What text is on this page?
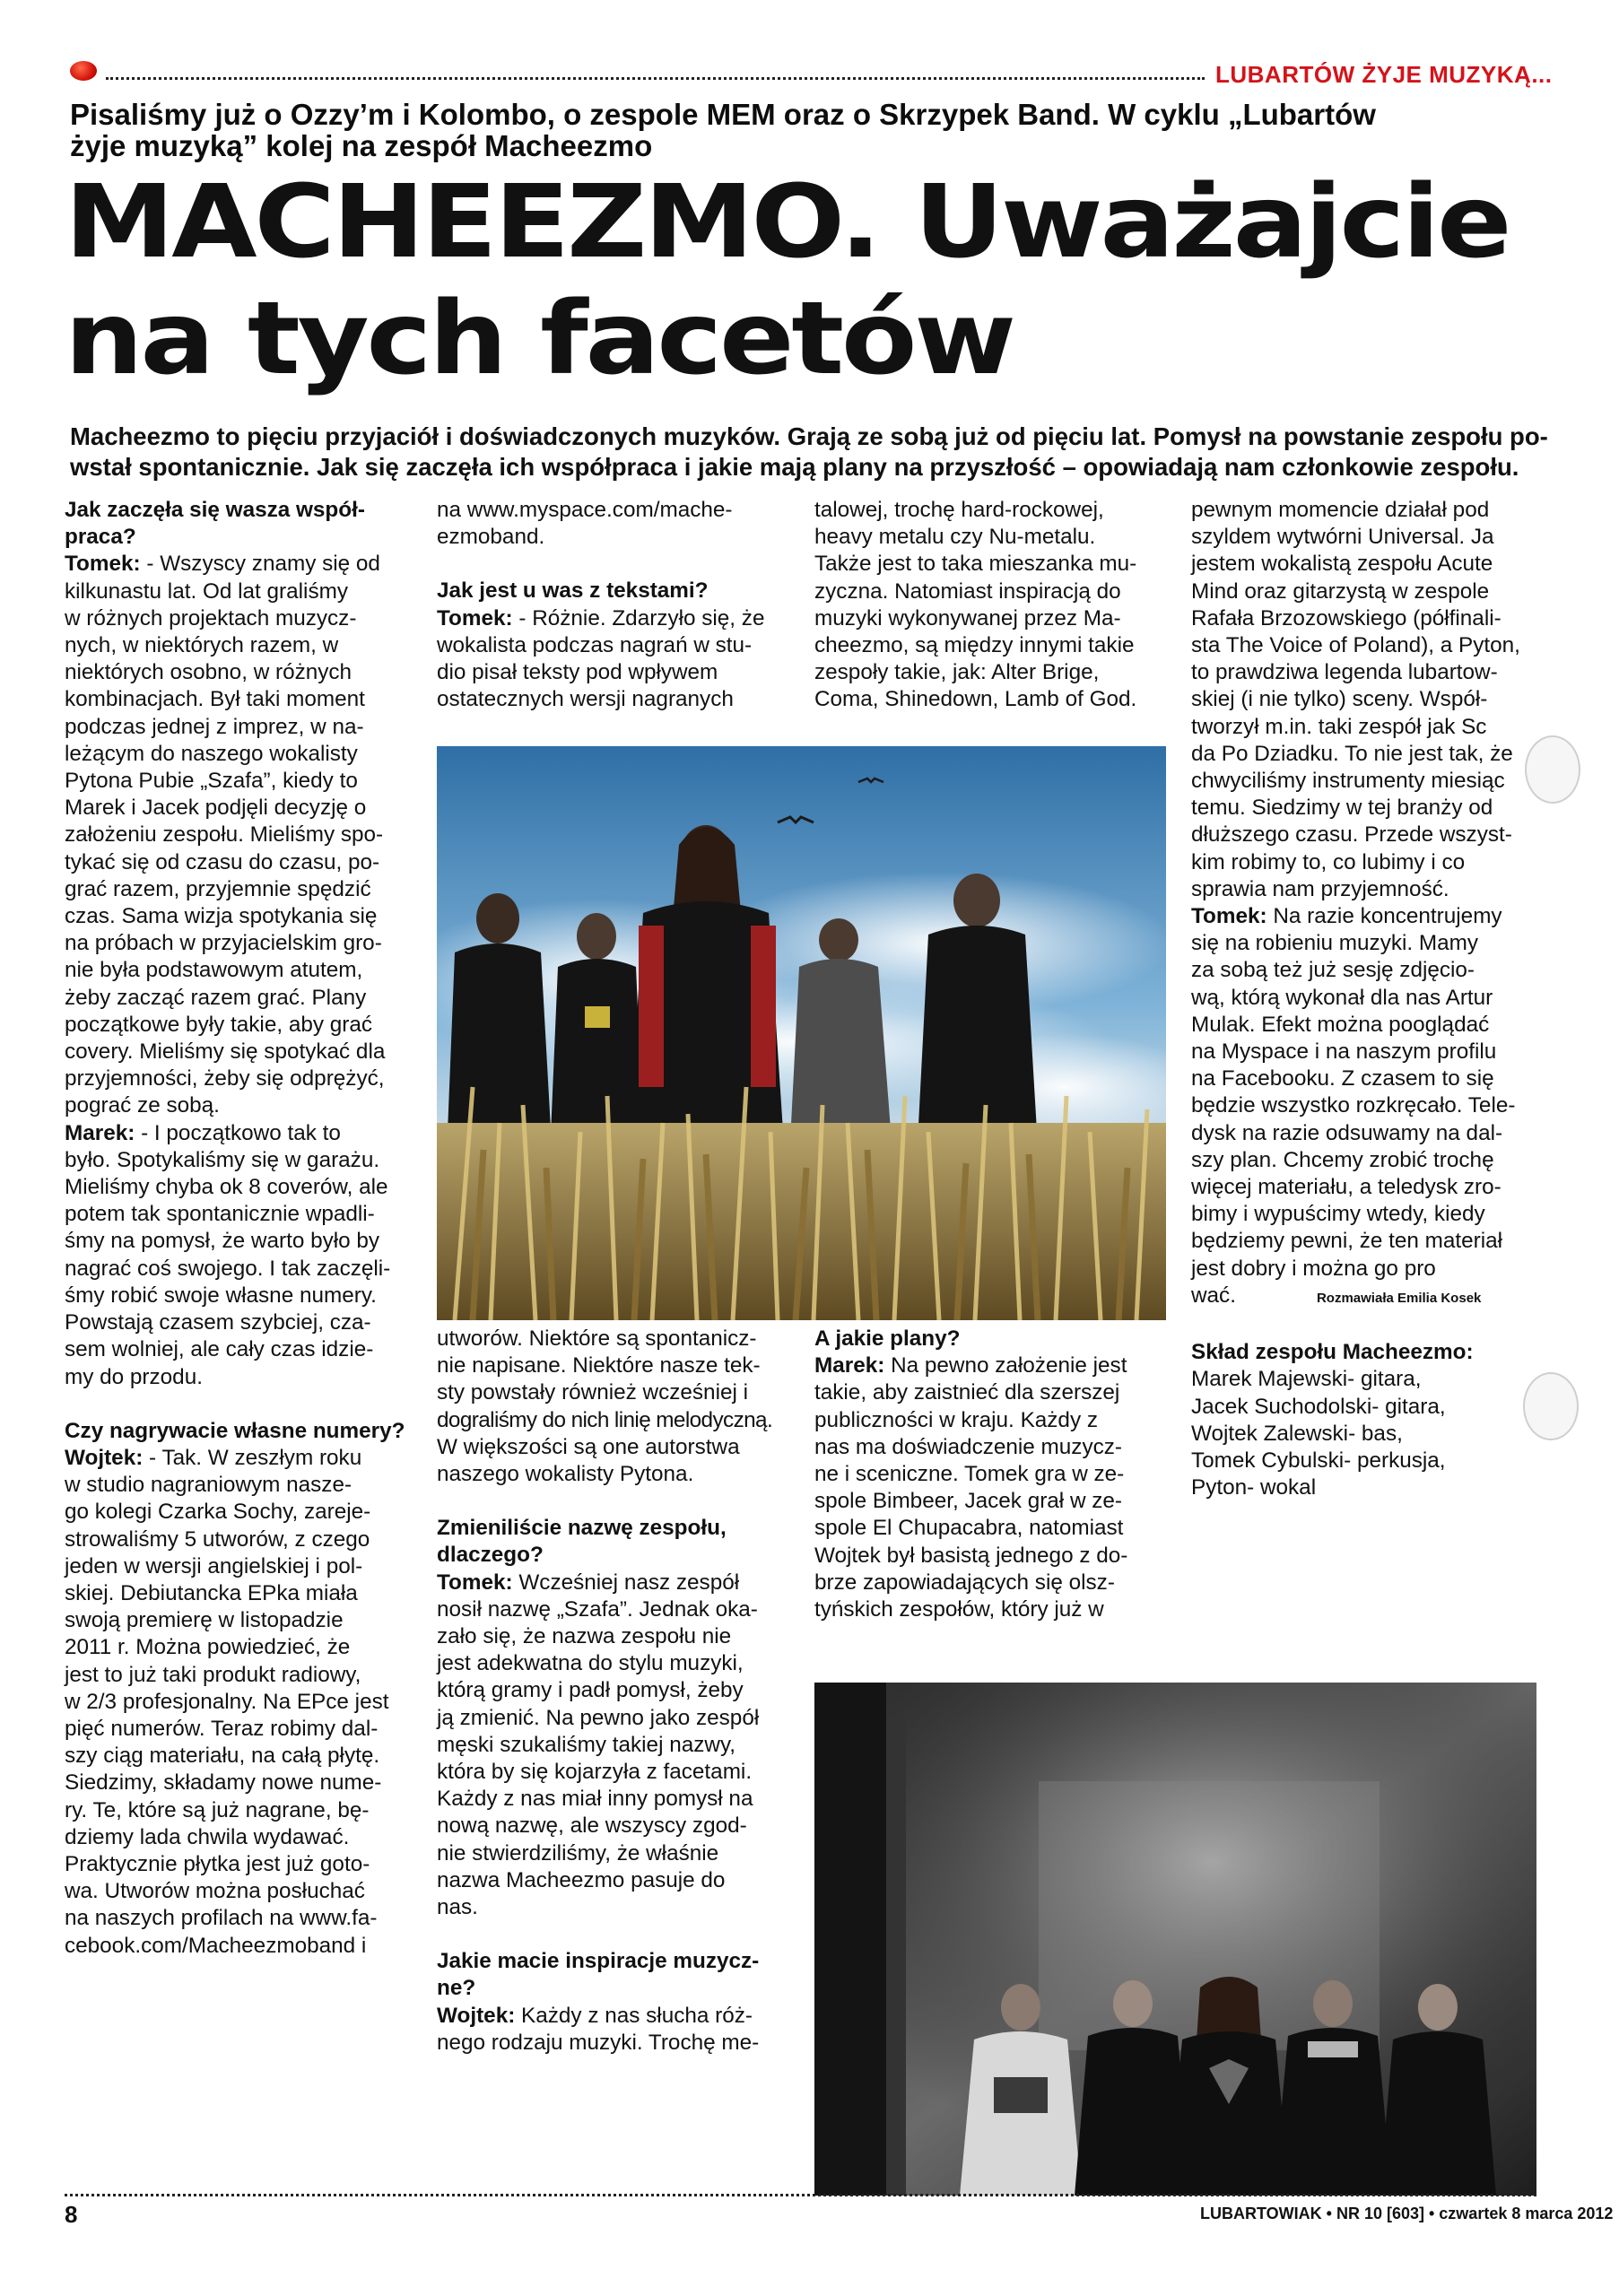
LUBARTÓW ŻYJE MUZYKĄ...
Pisaliśmy już o Ozzy’m i Kolombo, o zespole MEM oraz o Skrzypek Band. W cyklu „Lubartów
żyje muzyką” kolej na zespół Macheezmo
MACHEEZMO. Uważajcie
na tych facetów
Macheezmo to pięciu przyjaciół i doświadczonych muzyków. Grają ze sobą już od pięciu lat. Pomysł na powstanie zespołu po-
wstał spontanicznie. Jak się zaczęła ich współpraca i jakie mają plany na przyszłość – opowiadają nam członkowie zespołu.

Jak zaczęła się wasza współ-

praca?

Tomek: - Wszyscy znamy się od

kilkunastu lat. Od lat graliśmy

w różnych projektach muzycz-

nych, w niektórych razem, w

niektórych osobno, w różnych

kombinacjach. Był taki moment

podczas jednej z imprez, w na-

leżącym do naszego wokalisty

Pytona Pubie „Szafa”, kiedy to

Marek i Jacek podjęli decyzję o

założeniu zespołu. Mieliśmy spo-

tykać się od czasu do czasu, po-

grać razem, przyjemnie spędzić

czas. Sama wizja spotykania się

na próbach w przyjacielskim gro-

nie była podstawowym atutem,

żeby zacząć razem grać. Plany

początkowe były takie, aby grać

covery. Mieliśmy się spotykać dla

przyjemności, żeby się odprężyć,

pograć ze sobą.

Marek: - I początkowo tak to

było. Spotykaliśmy się w garażu.

Mieliśmy chyba ok 8 coverów, ale

potem tak spontanicznie wpadli-

śmy na pomysł, że warto było by

nagrać coś swojego. I tak zaczęli-

śmy robić swoje własne numery.

Powstają czasem szybciej, cza-

sem wolniej, ale cały czas idzie-

my do przodu.

Czy nagrywacie własne numery?

Wojtek: - Tak. W zeszłym roku

w studio nagraniowym nasze-

go kolegi Czarka Sochy, zareje-

strowaliśmy 5 utworów, z czego

jeden w wersji angielskiej i pol-

skiej. Debiutancka EPka miała

swoją premierę w listopadzie

2011 r. Można powiedzieć, że

jest to już taki produkt radiowy,

w 2/3 profesjonalny. Na EPce jest

pięć numerów. Teraz robimy dal-

szy ciąg materiału, na całą płytę.

Siedzimy, składamy nowe nume-

ry. Te, które są już nagrane, bę-

dziemy lada chwila wydawać.

Praktycznie płytka jest już goto-

wa. Utworów można posłuchać

na naszych profilach na www.fa-

cebook.com/Macheezmoband i

na www.myspace.com/mache-

ezmoband.

Jak jest u was z tekstami?

Tomek: - Różnie. Zdarzyło się, że

wokalista podczas nagrań w stu-

dio pisał teksty pod wpływem

ostatecznych wersji nagranych

talowej, trochę hard-rockowej,

heavy metalu czy Nu-metalu.

Także jest to taka mieszanka mu-

zyczna. Natomiast inspiracją do

muzyki wykonywanej przez Ma-

cheezmo, są między innymi takie

zespoły takie, jak: Alter Brige,

Coma, Shinedown, Lamb of God.

utworów. Niektóre są spontanicz-

nie napisane. Niektóre nasze tek-

sty powstały również wcześniej i

dograliśmy do nich linię melodyczną.

W większości są one autorstwa

naszego wokalisty Pytona.

Zmieniliście nazwę zespołu,

dlaczego?

Tomek: Wcześniej nasz zespół

nosił nazwę „Szafa”. Jednak oka-

zało się, że nazwa zespołu nie

jest adekwatna do stylu muzyki,

którą gramy i padł pomysł, żeby

ją zmienić. Na pewno jako zespół

męski szukaliśmy takiej nazwy,

która by się kojarzyła z facetami.

Każdy z nas miał inny pomysł na

nową nazwę, ale wszyscy zgod-

nie stwierdziliśmy, że właśnie

nazwa Macheezmo pasuje do

nas.

Jakie macie inspiracje muzycz-

ne?

Wojtek: Każdy z nas słucha róż-

nego rodzaju muzyki. Trochę me-

A jakie plany?

Marek: Na pewno założenie jest

takie, aby zaistnieć dla szerszej

publiczności w kraju. Każdy z

nas ma doświadczenie muzycz-

ne i sceniczne. Tomek gra w ze-

spole Bimbeer, Jacek grał w ze-

spole El Chupacabra, natomiast

Wojtek był basistą jednego z do-

brze zapowiadających się olsz-

tyńskich zespołów, który już w

pewnym momencie działał pod

szyldem wytwórni Universal. Ja

jestem wokalistą zespołu Acute

Mind oraz gitarzystą w zespole

Rafała Brzozowskiego (półfinali-

sta The Voice of Poland), a Pyton,

to prawdziwa legenda lubartow-

skiej (i nie tylko) sceny. Współ-

tworzył m.in. taki zespół jak Sc

da Po Dziadku. To nie jest tak, że

chwyciliśmy instrumenty miesiąc

temu. Siedzimy w tej branży od

dłuższego czasu. Przede wszyst-

kim robimy to, co lubimy i co

sprawia nam przyjemność.

Tomek: Na razie koncentrujemy

się na robieniu muzyki. Mamy

za sobą też już sesję zdjęcio-

wą, którą wykonał dla nas Artur

Mulak. Efekt można pooglądać

na Myspace i na naszym profilu

na Facebooku. Z czasem to się

będzie wszystko rozkręcało. Tele-

dysk na razie odsuwamy na dal-

szy plan. Chcemy zrobić trochę

więcej materiału, a teledysk zro-

bimy i wypuścimy wtedy, kiedy

będziemy pewni, że ten materiał

jest dobry i można go pro

wać.	Rozmawiała Emilia Kosek

Skład zespołu Macheezmo:

Marek Majewski- gitara,

Jacek Suchodolski- gitara,

Wojtek Zalewski- bas,

Tomek Cybulski- perkusja,

Pyton- wokal

8	LUBARTOWIAK • NR 10 [603] • czwartek 8 marca 2012
